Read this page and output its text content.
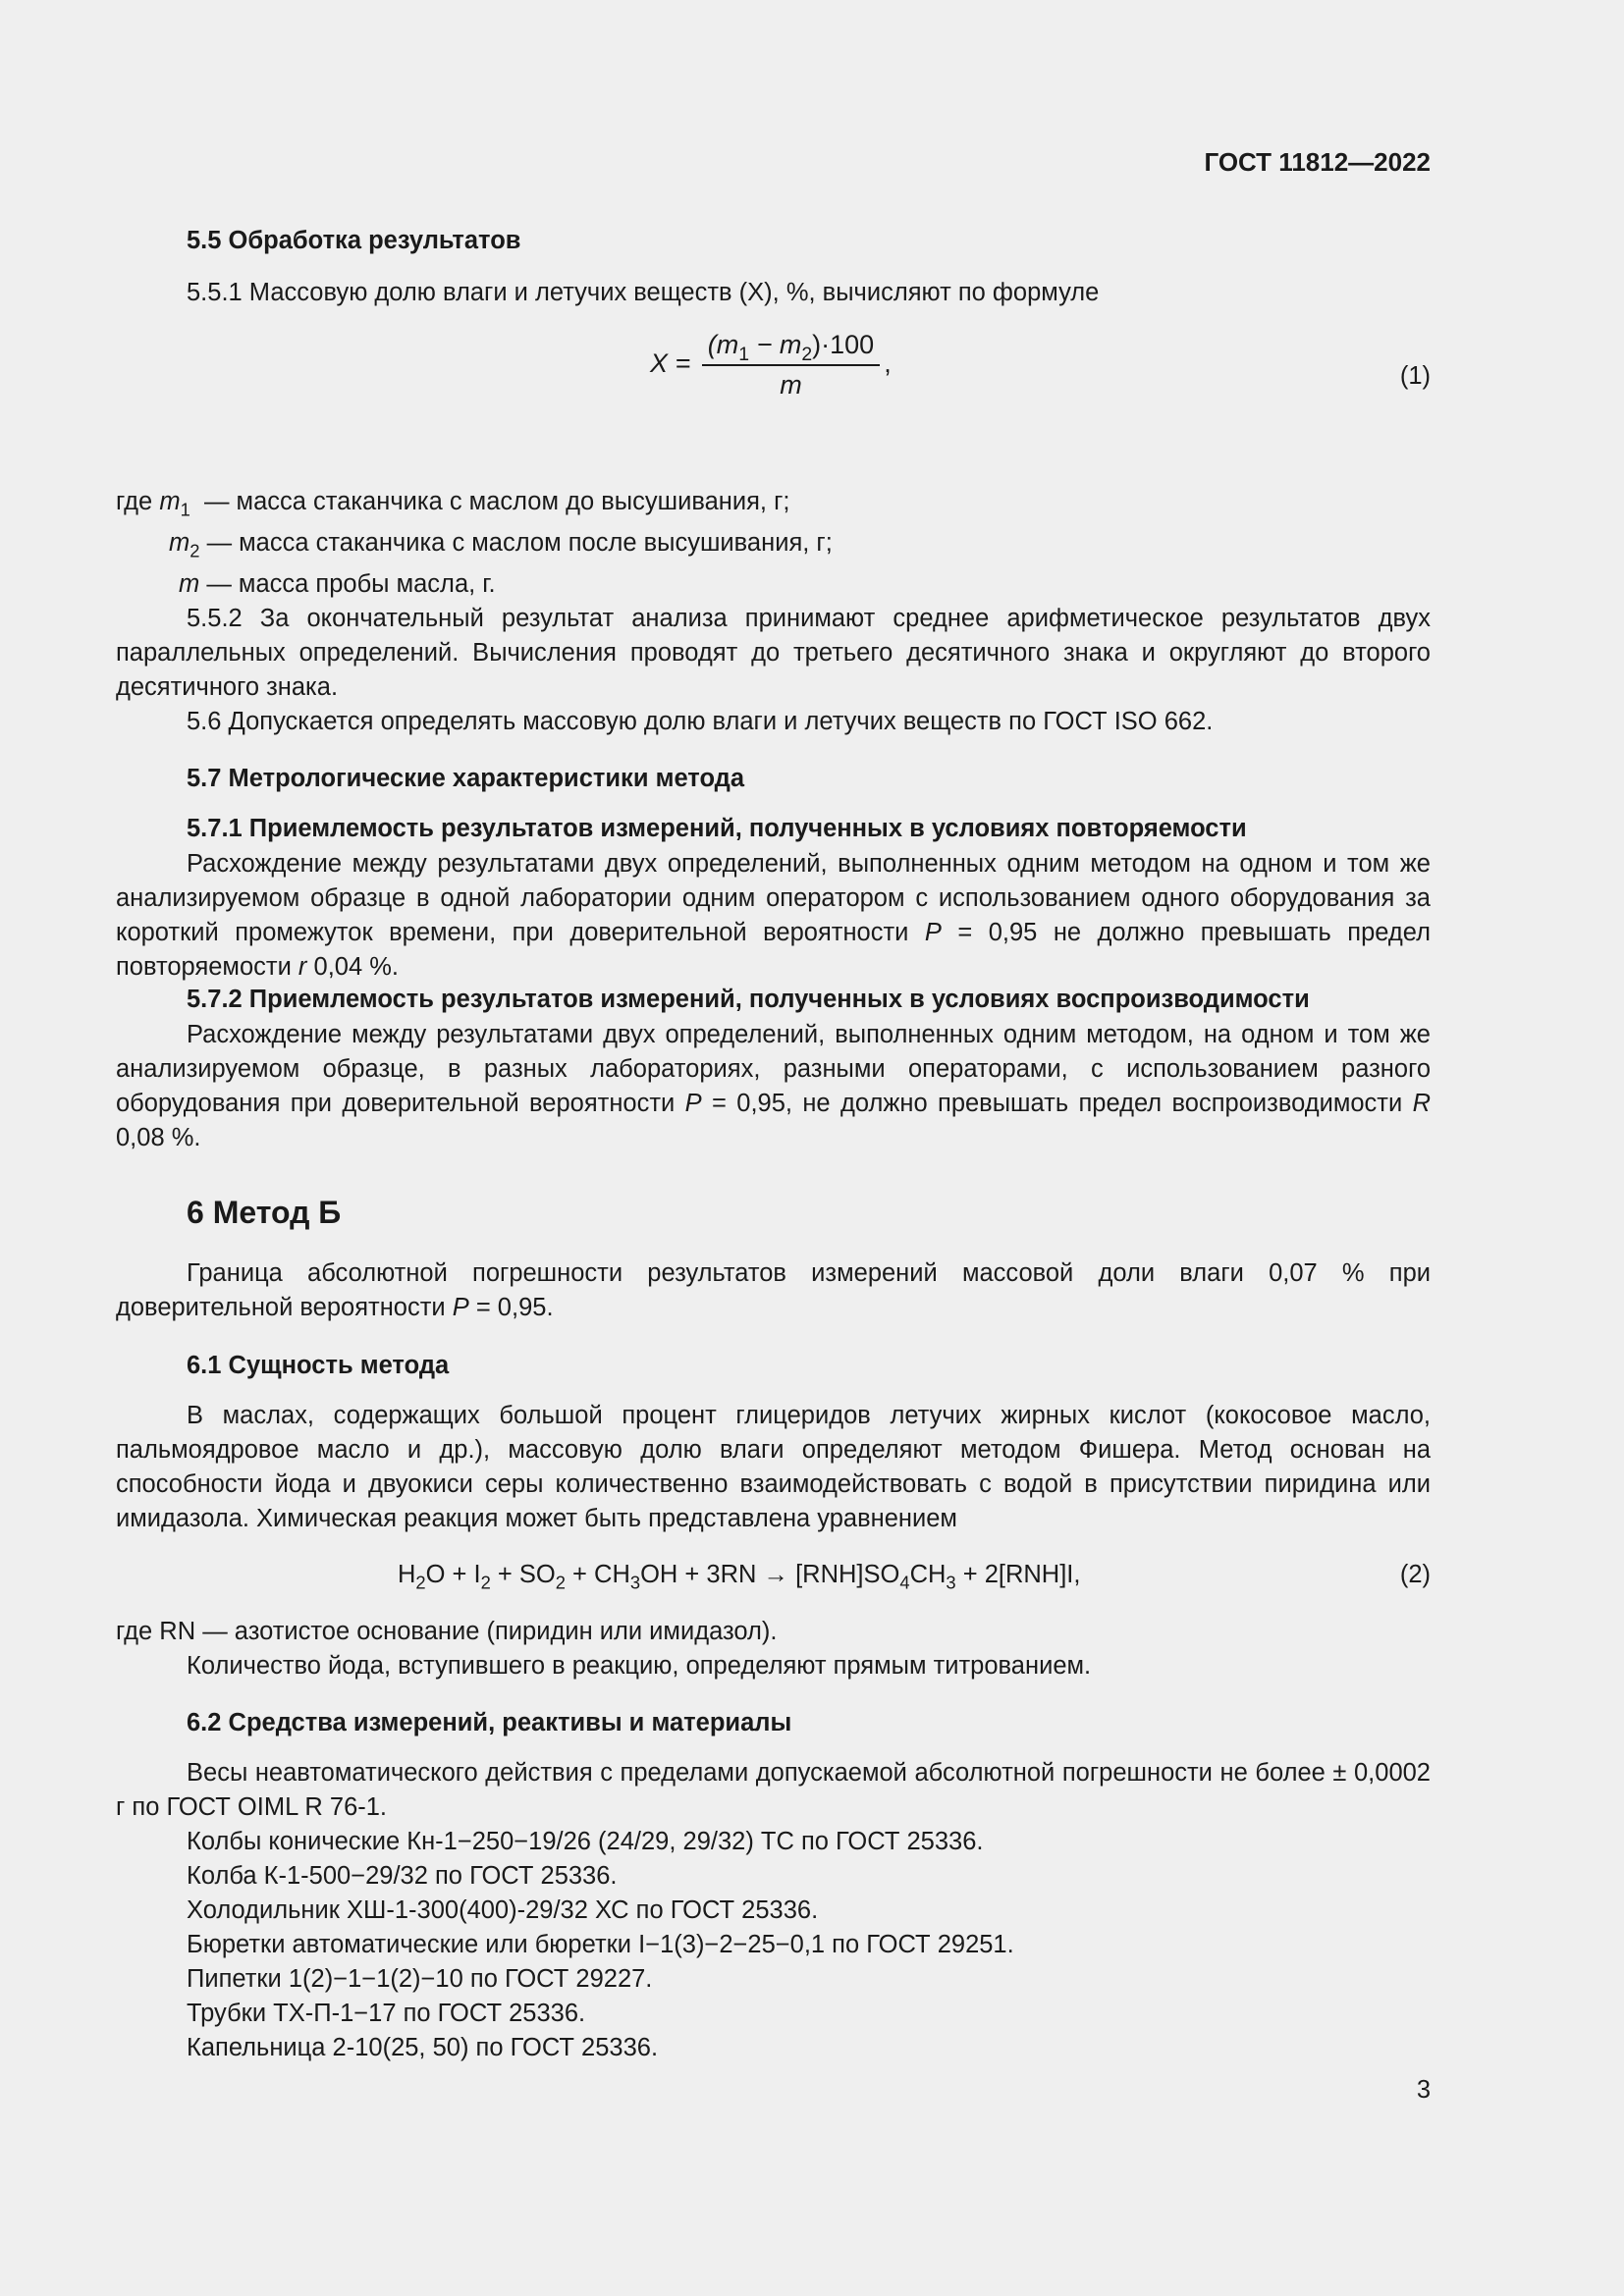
ГОСТ 11812—2022
5.5 Обработка результатов
5.5.1 Массовую долю влаги и летучих веществ (X), %, вычисляют по формуле
$X = \frac{(m_1 - m_2)\cdot 100}{m}$ ,	(1)
где $m_1$ — масса стаканчика с маслом до высушивания, г;
$m_2$ — масса стаканчика с маслом после высушивания, г;
m — масса пробы масла, г.

5.5.2 За окончательный результат анализа принимают среднее арифметическое результатов двух параллельных определений. Вычисления проводят до третьего десятичного знака и округляют до второго десятичного знака.

5.6 Допускается определять массовую долю влаги и летучих веществ по ГОСТ ISO 662.
5.7 Метрологические характеристики метода
5.7.1 Приемлемость результатов измерений, полученных в условиях повторяемости

Расхождение между результатами двух определений, выполненных одним методом на одном и том же анализируемом образце в одной лаборатории одним оператором с использованием одного оборудования за короткий промежуток времени, при доверительной вероятности P = 0,95 не должно превышать предел повторяемости r 0,04 %.

5.7.2 Приемлемость результатов измерений, полученных в условиях воспроизводимости

Расхождение между результатами двух определений, выполненных одним методом, на одном и том же анализируемом образце, в разных лабораториях, разными операторами, с использованием разного оборудования при доверительной вероятности P = 0,95, не должно превышать предел воспроизводимости R 0,08 %.

6 Метод Б

Граница абсолютной погрешности результатов измерений массовой доли влаги 0,07 % при доверительной вероятности P = 0,95.

6.1 Сущность метода

В маслах, содержащих большой процент глицеридов летучих жирных кислот (кокосовое масло, пальмоядровое масло и др.), массовую долю влаги определяют методом Фишера. Метод основан на способности йода и двуокиси серы количественно взаимодействовать с водой в присутствии пиридина или имидазола. Химическая реакция может быть представлена уравнением

$H_2O + I_2 + SO_2 + CH_3OH + 3RN \to [RNH]SO_4CH_3 + 2[RNH]I$,	(2)
где RN — азотистое основание (пиридин или имидазол).
Количество йода, вступившего в реакцию, определяют прямым титрованием.
6.2 Средства измерений, реактивы и материалы

Весы неавтоматического действия с пределами допускаемой абсолютной погрешности не более ± 0,0002 г по ГОСТ OIML R 76-1.

Колбы конические Кн-1−250−19/26 (24/29, 29/32) ТС по ГОСТ 25336.
Колба К-1-500−29/32 по ГОСТ 25336.
Холодильник ХШ-1-300(400)-29/32 ХС по ГОСТ 25336.
Бюретки автоматические или бюретки I−1(3)−2−25−0,1 по ГОСТ 29251.
Пипетки 1(2)−1−1(2)−10 по ГОСТ 29227.
Трубки ТХ-П-1−17 по ГОСТ 25336.
Капельница 2-10(25, 50) по ГОСТ 25336.
3
